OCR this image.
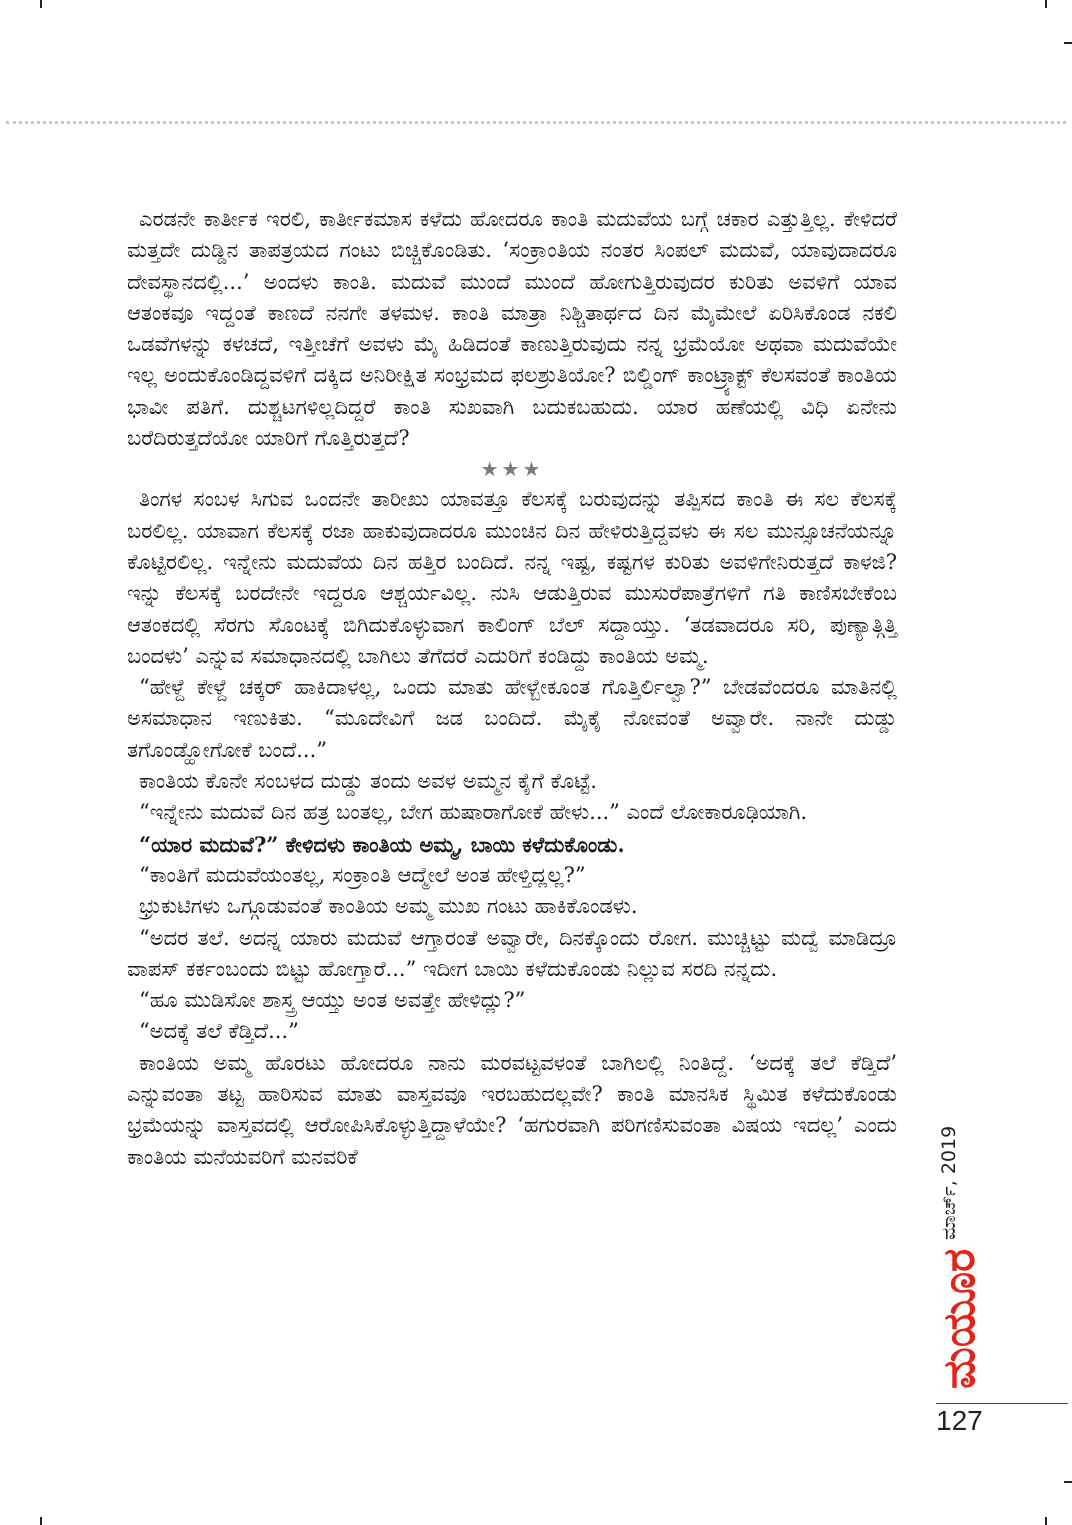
ಎರಡನೇ ಕಾರ್ತೀಕ ಇರಲಿ, ಕಾರ್ತೀಕಮಾಸ ಕಳೆದು ಹೋದರೂ ಕಾಂತಿ ಮದುವೆಯ ಬಗ್ಗೆ ಚಕಾರ ಎತ್ತುತ್ತಿಲ್ಲ. ಕೇಳಿದರೆ ಮತ್ತದೇ ದುಡ್ಡಿನ ತಾಪತ್ರಯದ ಗಂಟು ಬಿಚ್ಚಿಕೊಂಡಿತು. ‘ಸಂಕ್ರಾಂತಿಯ ನಂತರ ಸಿಂಪಲ್ ಮದುವೆ, ಯಾವುದಾದರೂ ದೇವಸ್ಥಾನದಲ್ಲಿ...’ ಅಂದಳು ಕಾಂತಿ. ಮದುವೆ ಮುಂದೆ ಮುಂದೆ ಹೋಗುತ್ತಿರುವುದರ ಕುರಿತು ಅವಳಿಗೆ ಯಾವ ಆತಂಕವೂ ಇದ್ದಂತೆ ಕಾಣದೆ ನನಗೇ ತಳಮಳ. ಕಾಂತಿ ಮಾತ್ರಾ ನಿಶ್ಚಿತಾರ್ಥದ ದಿನ ಮೈಮೇಲೆ ಏರಿಸಿಕೊಂಡ ನಕಲಿ ಒಡವೆಗಳನ್ನು ಕಳಚದೆ, ಇತ್ತೀಚೆಗೆ ಅವಳು ಮೈ ಹಿಡಿದಂತೆ ಕಾಣುತ್ತಿರುವುದು ನನ್ನ ಭ್ರಮೆಯೋ ಅಥವಾ ಮದುವೆಯೇ ಇಲ್ಲ ಅಂದುಕೊಂಡಿದ್ದವಳಿಗೆ ದಕ್ಕಿದ ಅನಿರೀಕ್ಷಿತ ಸಂಭ್ರಮದ ಫಲಶ್ರುತಿಯೋ? ಬಿಲ್ಡಿಂಗ್ ಕಾಂಟ್ರ್ಯಾಕ್ಟ್ ಕೆಲಸವಂತೆ ಕಾಂತಿಯ ಭಾವೀ ಪತಿಗೆ. ದುಶ್ಚಟಗಳಿಲ್ಲದಿದ್ದರೆ ಕಾಂತಿ ಸುಖವಾಗಿ ಬದುಕಬಹುದು. ಯಾರ ಹಣೆಯಲ್ಲಿ ವಿಧಿ ಏನೇನು ಬರೆದಿರುತ್ತದೆಯೋ ಯಾರಿಗೆ ಗೊತ್ತಿರುತ್ತದೆ?

★★★

ತಿಂಗಳ ಸಂಬಳ ಸಿಗುವ ಒಂದನೇ ತಾರೀಖು ಯಾವತ್ತೂ ಕೆಲಸಕ್ಕೆ ಬರುವುದನ್ನು ತಪ್ಪಿಸದ ಕಾಂತಿ ಈ ಸಲ ಕೆಲಸಕ್ಕೆ ಬರಲಿಲ್ಲ. ಯಾವಾಗ ಕೆಲಸಕ್ಕೆ ರಜಾ ಹಾಕುವುದಾದರೂ ಮುಂಚಿನ ದಿನ ಹೇಳಿರುತ್ತಿದ್ದವಳು ಈ ಸಲ ಮುನ್ಸೂಚನೆಯನ್ನೂ ಕೊಟ್ಟಿರಲಿಲ್ಲ. ಇನ್ನೇನು ಮದುವೆಯ ದಿನ ಹತ್ತಿರ ಬಂದಿದೆ. ನನ್ನ ಇಷ್ಟ, ಕಷ್ಟಗಳ ಕುರಿತು ಅವಳಿಗೇನಿರುತ್ತದೆ ಕಾಳಜಿ? ಇನ್ನು ಕೆಲಸಕ್ಕೆ ಬರದೇನೇ ಇದ್ದರೂ ಆಶ್ಚರ್ಯವಿಲ್ಲ. ನುಸಿ ಆಡುತ್ತಿರುವ ಮುಸುರೆಪಾತ್ರೆಗಳಿಗೆ ಗತಿ ಕಾಣಿಸಬೇಕೆಂಬ ಆತಂಕದಲ್ಲಿ ಸೆರಗು ಸೊಂಟಕ್ಕೆ ಬಿಗಿದುಕೊಳ್ಳುವಾಗ ಕಾಲಿಂಗ್ ಬೆಲ್ ಸದ್ದಾಯ್ತು. ‘ತಡವಾದರೂ ಸರಿ, ಪುಣ್ಯಾತ್ಗಿತ್ತಿ ಬಂದಳು’ ಎನ್ನುವ ಸಮಾಧಾನದಲ್ಲಿ ಬಾಗಿಲು ತೆಗೆದರೆ ಎದುರಿಗೆ ಕಂಡಿದ್ದು ಕಾಂತಿಯ ಅಮ್ಮ.

“ಹೇಳ್ದೆ ಕೇಳ್ದೆ ಚಕ್ಕರ್ ಹಾಕಿದಾಳಲ್ಲ, ಒಂದು ಮಾತು ಹೇಳ್ಬೇಕೂಂತ ಗೊತ್ತಿರ್ಲಿಲ್ವಾ?” ಬೇಡವೆಂದರೂ ಮಾತಿನಲ್ಲಿ ಅಸಮಾಧಾನ ಇಣುಕಿತು. “ಮೂದೇವಿಗೆ ಜಡ ಬಂದಿದೆ. ಮೈಕೈ ನೋವಂತೆ ಅವ್ವಾರೇ. ನಾನೇ ದುಡ್ಡು ತಗೊಂಡ್ಹೋಗೋಕೆ ಬಂದೆ...”

ಕಾಂತಿಯ ಕೊನೇ ಸಂಬಳದ ದುಡ್ಡು ತಂದು ಅವಳ ಅಮ್ಮನ ಕೈಗೆ ಕೊಟ್ಟೆ.

“ಇನ್ನೇನು ಮದುವೆ ದಿನ ಹತ್ರ ಬಂತಲ್ಲ, ಬೇಗ ಹುಷಾರಾಗೋಕೆ ಹೇಳು...” ಎಂದೆ ಲೋಕಾರೂಢಿಯಾಗಿ.

“ಯಾರ ಮದುವೆ?” ಕೇಳಿದಳು ಕಾಂತಿಯ ಅಮ್ಮ, ಬಾಯಿ ಕಳೆದುಕೊಂಡು.

“ಕಾಂತಿಗೆ ಮದುವೆಯಂತಲ್ಲ, ಸಂಕ್ರಾಂತಿ ಆದ್ಮೇಲೆ ಅಂತ ಹೇಳ್ತಿದ್ಲಲ್ಲ?”

ಭ್ರುಕುಟಿಗಳು ಒಗ್ಗೂಡುವಂತೆ ಕಾಂತಿಯ ಅಮ್ಮ ಮುಖ ಗಂಟು ಹಾಕಿಕೊಂಡಳು.

“ಅದರ ತಲೆ. ಅದನ್ನ ಯಾರು ಮದುವೆ ಆಗ್ತಾರಂತೆ ಅವ್ವಾರೇ, ದಿನಕ್ಕೊಂದು ರೋಗ. ಮುಚ್ಚಿಟ್ಟು ಮದ್ವೆ ಮಾಡಿದ್ರೂ ವಾಪಸ್ ಕರ್ಕಂಬಂದು ಬಿಟ್ಟು ಹೋಗ್ತಾರೆ...” ಇದೀಗ ಬಾಯಿ ಕಳೆದುಕೊಂಡು ನಿಲ್ಲುವ ಸರದಿ ನನ್ನದು.

“ಹೂ ಮುಡಿಸೋ ಶಾಸ್ತ್ರ ಆಯ್ತು ಅಂತ ಅವತ್ತೇ ಹೇಳಿದ್ಲು?”

“ಅದಕ್ಕೆ ತಲೆ ಕೆಡ್ತಿದೆ...”

ಕಾಂತಿಯ ಅಮ್ಮ ಹೊರಟು ಹೋದರೂ ನಾನು ಮರವಟ್ಟವಳಂತೆ ಬಾಗಿಲಲ್ಲಿ ನಿಂತಿದ್ದೆ. ‘ಅದಕ್ಕೆ ತಲೆ ಕೆಡ್ತಿದೆ’ ಎನ್ನುವಂತಾ ತಟ್ಟ ಹಾರಿಸುವ ಮಾತು ವಾಸ್ತವವೂ ಇರಬಹುದಲ್ಲವೇ? ಕಾಂತಿ ಮಾನಸಿಕ ಸ್ಥಿಮಿತ ಕಳೆದುಕೊಂಡು ಭ್ರಮೆಯನ್ನು ವಾಸ್ತವದಲ್ಲಿ ಆರೋಪಿಸಿಕೊಳ್ಳುತ್ತಿದ್ದಾಳೆಯೇ? ‘ಹಗುರವಾಗಿ ಪರಿಗಣಿಸುವಂತಾ ವಿಷಯ ಇದಲ್ಲ’ ಎಂದು ಕಾಂತಿಯ ಮನೆಯವರಿಗೆ ಮನವರಿಕೆ	ಮಾರ್ಚ್, 2019
ಮಯೂರ
127
